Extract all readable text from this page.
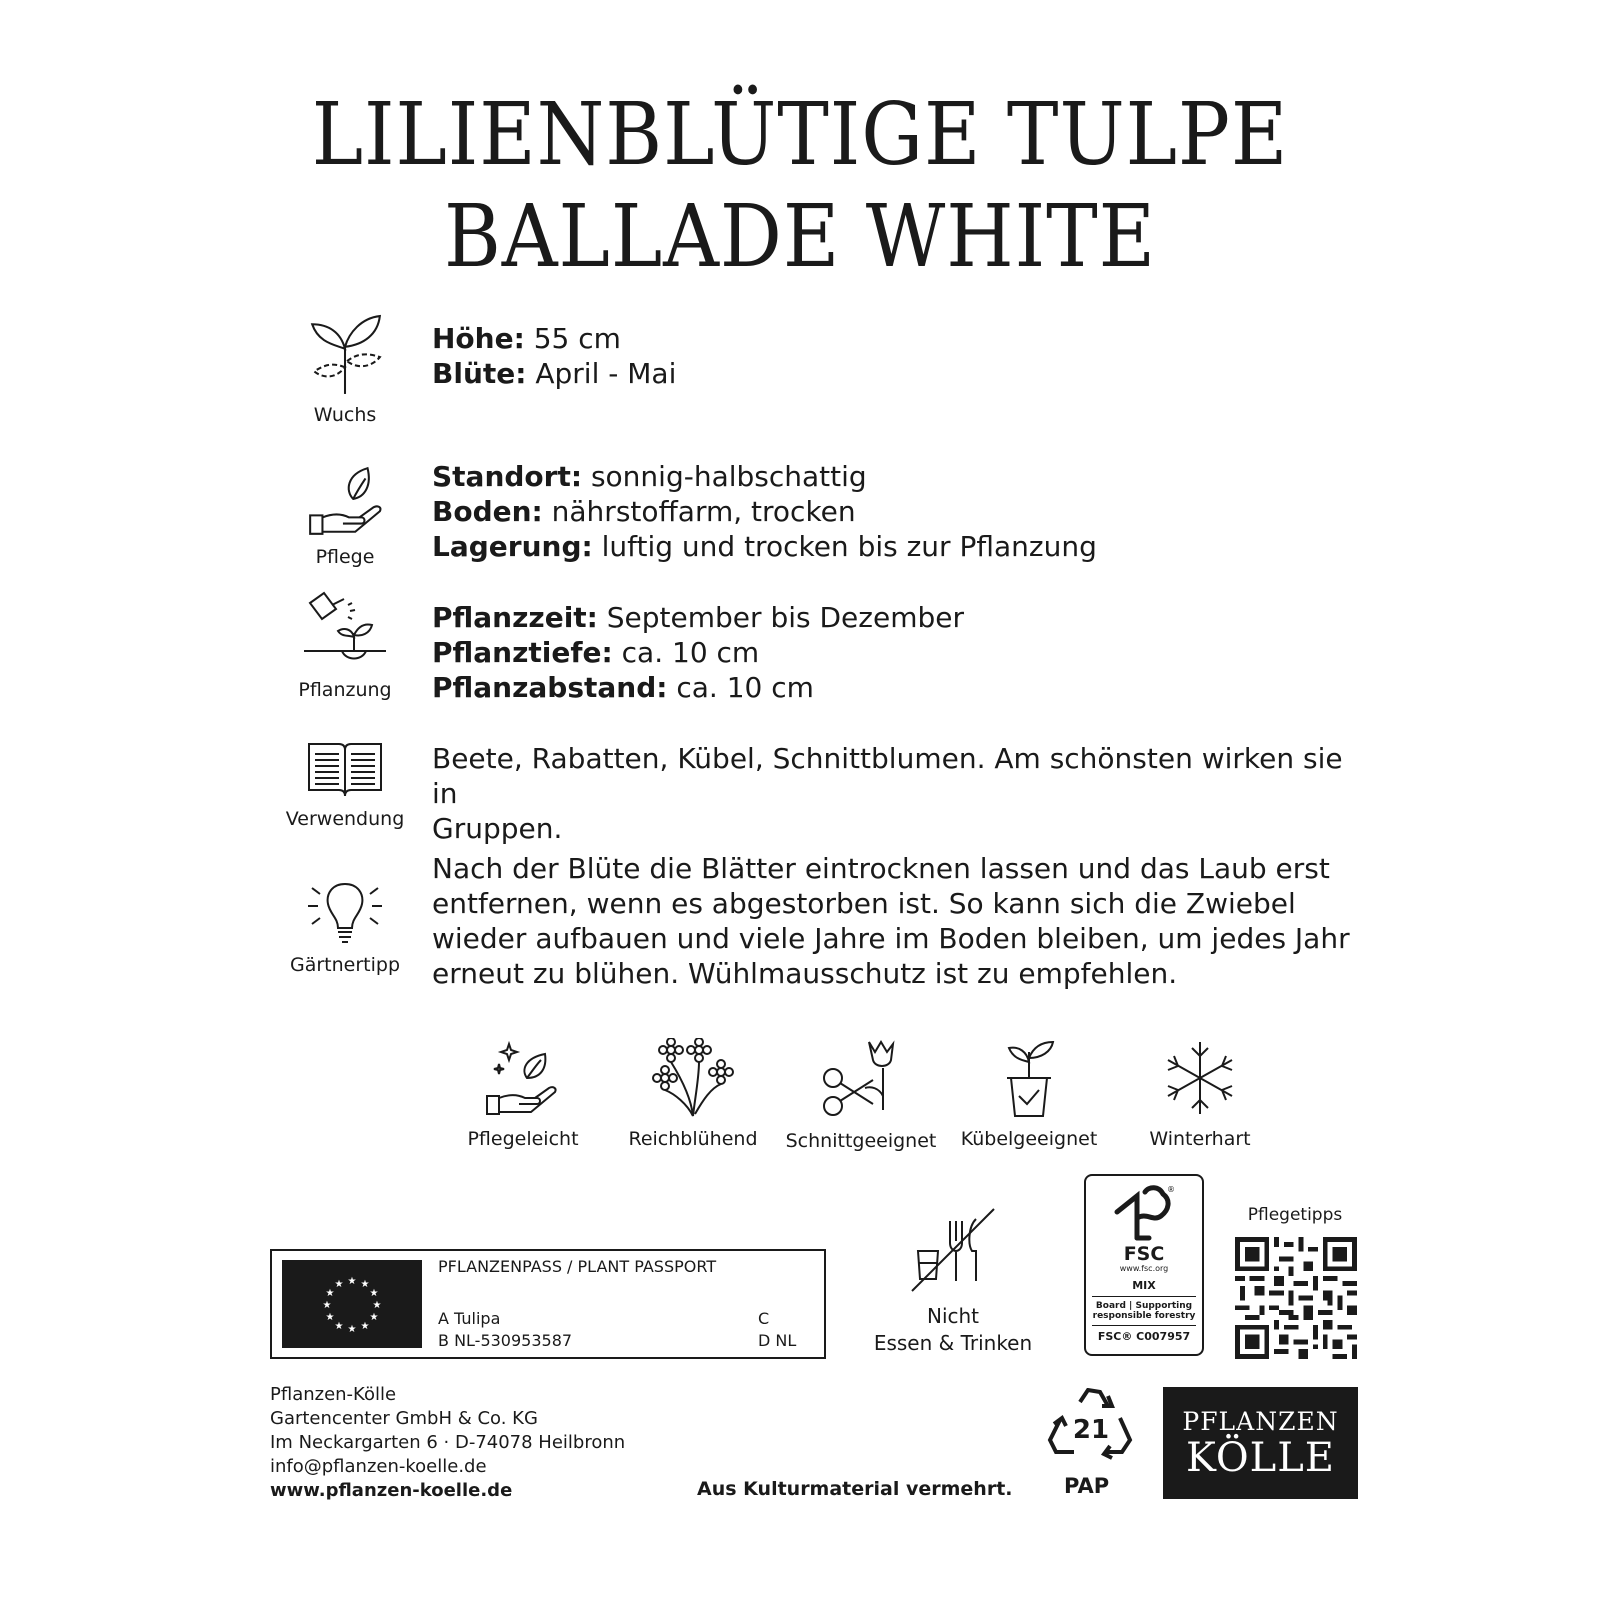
LILIENBLÜTIGE TULPE
BALLADE WHITE
Wuchs
Höhe: 55 cm
Blüte: April - Mai
Pflege
Standort: sonnig-halbschattig
Boden: nährstoffarm, trocken
Lagerung: luftig und trocken bis zur Pflanzung
Pflanzung
Pflanzzeit: September bis Dezember
Pflanztiefe: ca. 10 cm
Pflanzabstand: ca. 10 cm
Verwendung
Beete, Rabatten, Kübel, Schnittblumen. Am schönsten wirken sie in
Gruppen.
Gärtnertipp
Nach der Blüte die Blätter eintrocknen lassen und das Laub erst
entfernen, wenn es abgestorben ist. So kann sich die Zwiebel
wieder aufbauen und viele Jahre im Boden bleiben, um jedes Jahr
erneut zu blühen. Wühlmausschutz ist zu empfehlen.
Pflegeleicht	Reichblühend	Schnittgeeignet	Kübelgeeignet	Winterhart
★ ★
★
★
★
★
★
★
★
★
★
★
PFLANZENPASS / PLANT PASSPORT
A Tulipa
B NL-530953587
C
D NL
Nicht
Essen & Trinken
®
FSC
www.fsc.org
MIX
Board | Supporting
responsible forestry
FSC® C007957
Pflegetipps
21
PAP
PFLANZEN
KÖLLE
Pflanzen-Kölle
Gartencenter GmbH & Co. KG
Im Neckargarten 6 · D-74078 Heilbronn
info@pflanzen-koelle.de
www.pflanzen-koelle.de	Aus Kulturmaterial vermehrt.
